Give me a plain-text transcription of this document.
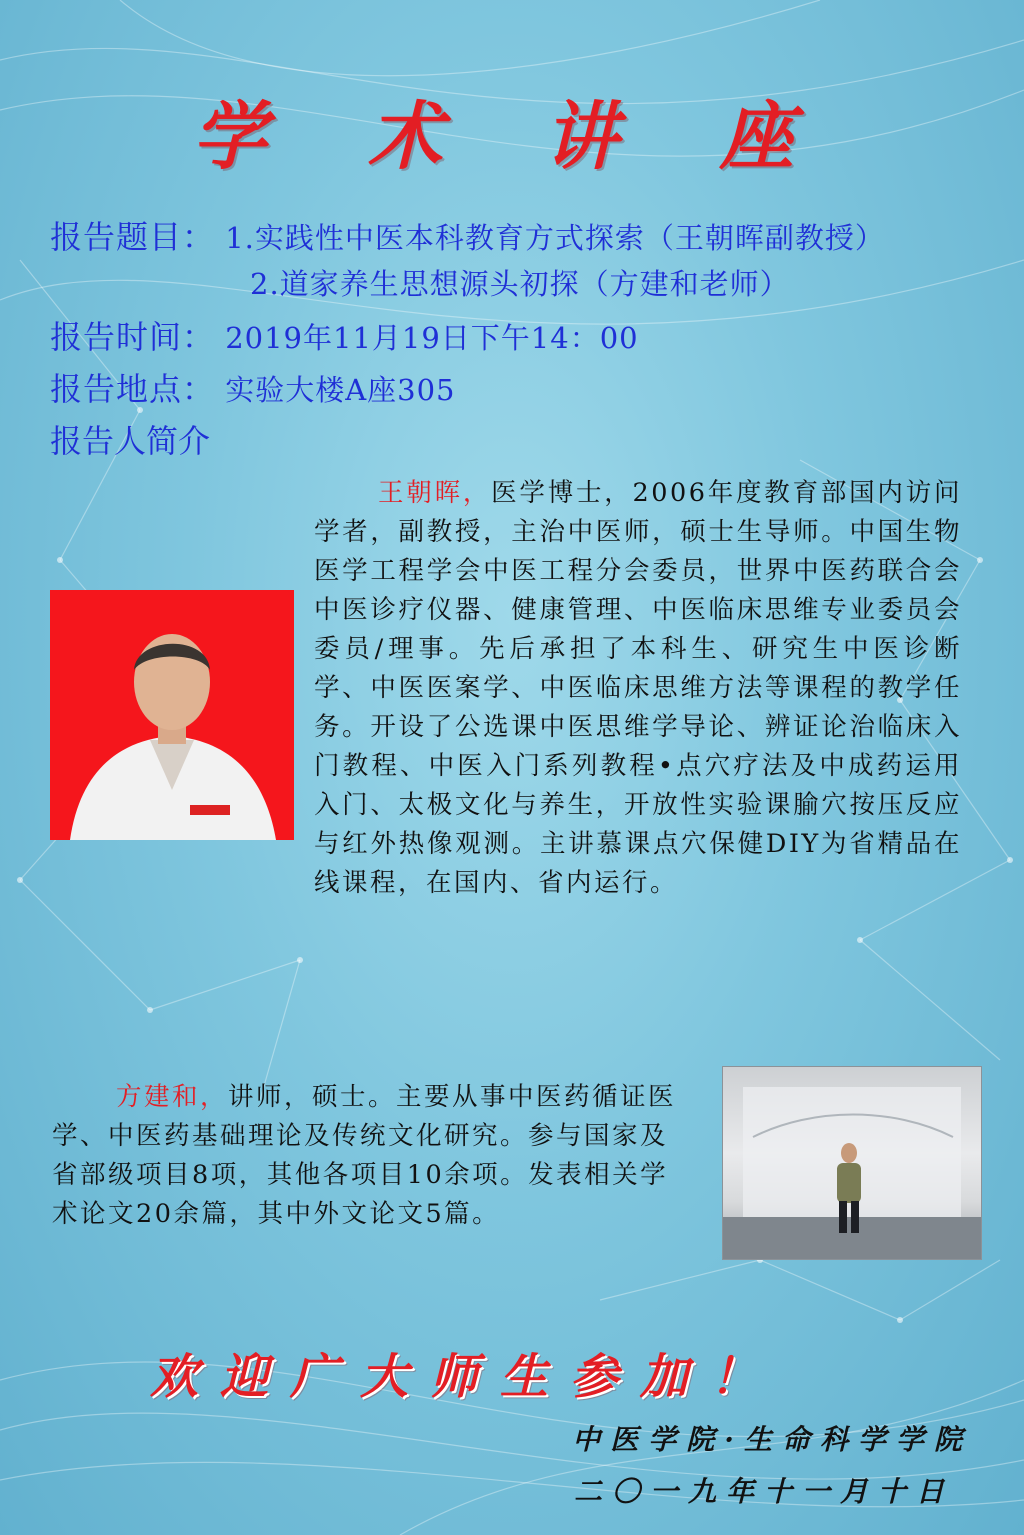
学 术 讲 座
报告题目： 1.实践性中医本科教育方式探索（王朝晖副教授）
2.道家养生思想源头初探（方建和老师）
报告时间： 2019年11月19日下午14：00
报告地点： 实验大楼A座305
报告人简介
王朝晖，医学博士，2006年度教育部国内访问学者，副教授，主治中医师，硕士生导师。中国生物医学工程学会中医工程分会委员，世界中医药联合会中医诊疗仪器、健康管理、中医临床思维专业委员会委员/理事。先后承担了本科生、研究生中医诊断学、中医医案学、中医临床思维方法等课程的教学任务。开设了公选课中医思维学导论、辨证论治临床入门教程、中医入门系列教程•点穴疗法及中成药运用入门、太极文化与养生，开放性实验课腧穴按压反应与红外热像观测。主讲慕课点穴保健DIY为省精品在线课程，在国内、省内运行。
方建和，讲师，硕士。主要从事中医药循证医学、中医药基础理论及传统文化研究。参与国家及省部级项目8项，其他各项目10余项。发表相关学术论文20余篇，其中外文论文5篇。
欢迎广大师生参加！
中医学院·生命科学学院
二〇一九年十一月十日
